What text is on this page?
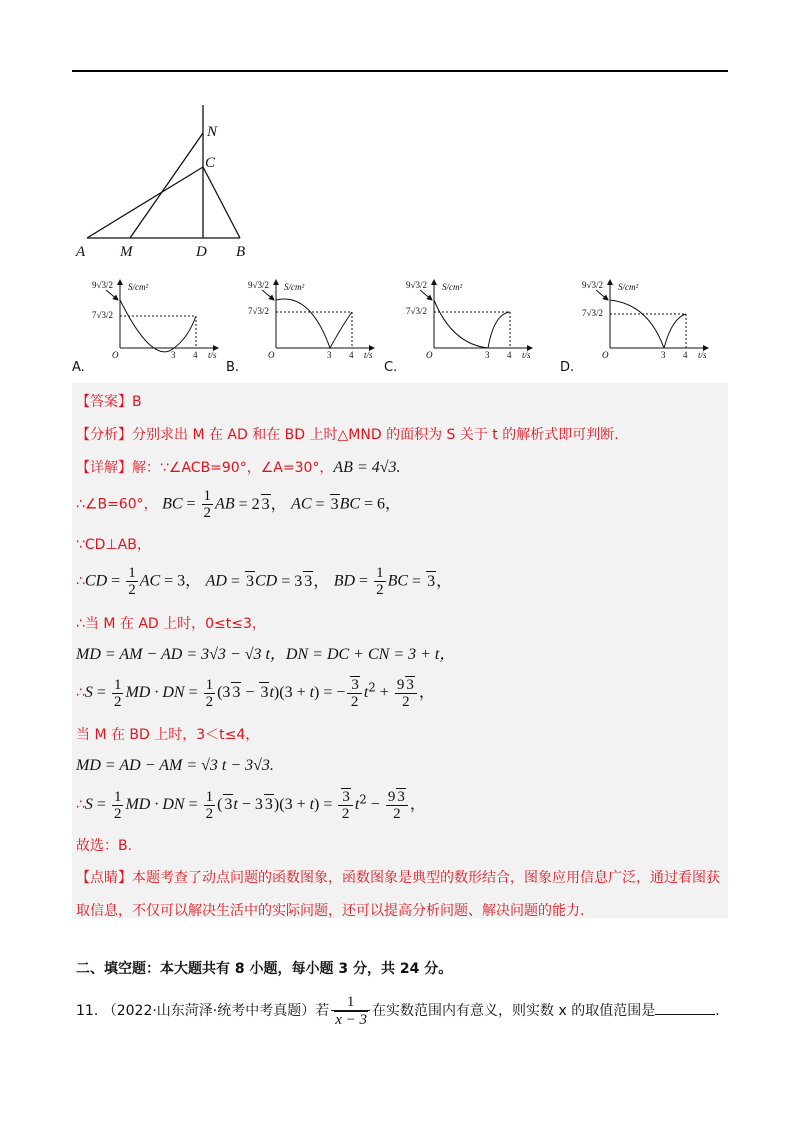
N
C
A M	D B
9√3/2
7√3/2
S/cm²
O	3 4 t/s
A.
9√3/2
7√3/2
S/cm²
O	3 4 t/s
B.
9√3/2
7√3/2
S/cm²
O	3 4 t/s
C.
9√3/2
7√3/2
S/cm²
O	3 4 t/s
D.
【答案】B
【分析】分别求出 M 在 AD 和在 BD 上时△MND 的面积为 S 关于 t 的解析式即可判断.
【详解】解：∵∠ACB=90°，∠A=30°，AB = 4√3.
∴∠B=60°， BC = $\frac{1}{2}$ AB = 2 3， AC = 3BC = 6，
∵CD⊥AB，
∴CD = $\frac{1}{2}$ AC = 3， AD = 3CD = 3 3， BD = $\frac{1}{2}$ BC = 3，
∴当 M 在 AD 上时，0≤t≤3，
MD = AM − AD = 3√3 − √3 t，DN = DC + CN = 3 + t，
∴S = $\frac{1}{2}$ MD · DN = $\frac{1}{2} (3$ 3 − 3t)(3 + t) = − $\frac{3}{2} t^2 + \frac{9 3}{2}$ ，
当 M 在 BD 上时，3＜t≤4，
MD = AD − AM = √3 t − 3√3.
∴S = $\frac{1}{2}$ MD · DN = $\frac{1}{2}$ ( 3t − 3 $3)(3 + t) = \frac{3}{2} t^2 - \frac{9 3}{2}$ ，
故选：B.
【点睛】本题考查了动点问题的函数图象，函数图象是典型的数形结合，图象应用信息广泛，通过看图获取信息，不仅可以解决生活中的实际问题，还可以提高分析问题、解决问题的能力.
二、填空题：本大题共有 8 小题，每小题 3 分，共 24 分。
11. （2022·山东菏泽·统考中考真题）若 $\frac{1}{x - 3}$ 在实数范围内有意义，则实数 x 的取值范围是	.
